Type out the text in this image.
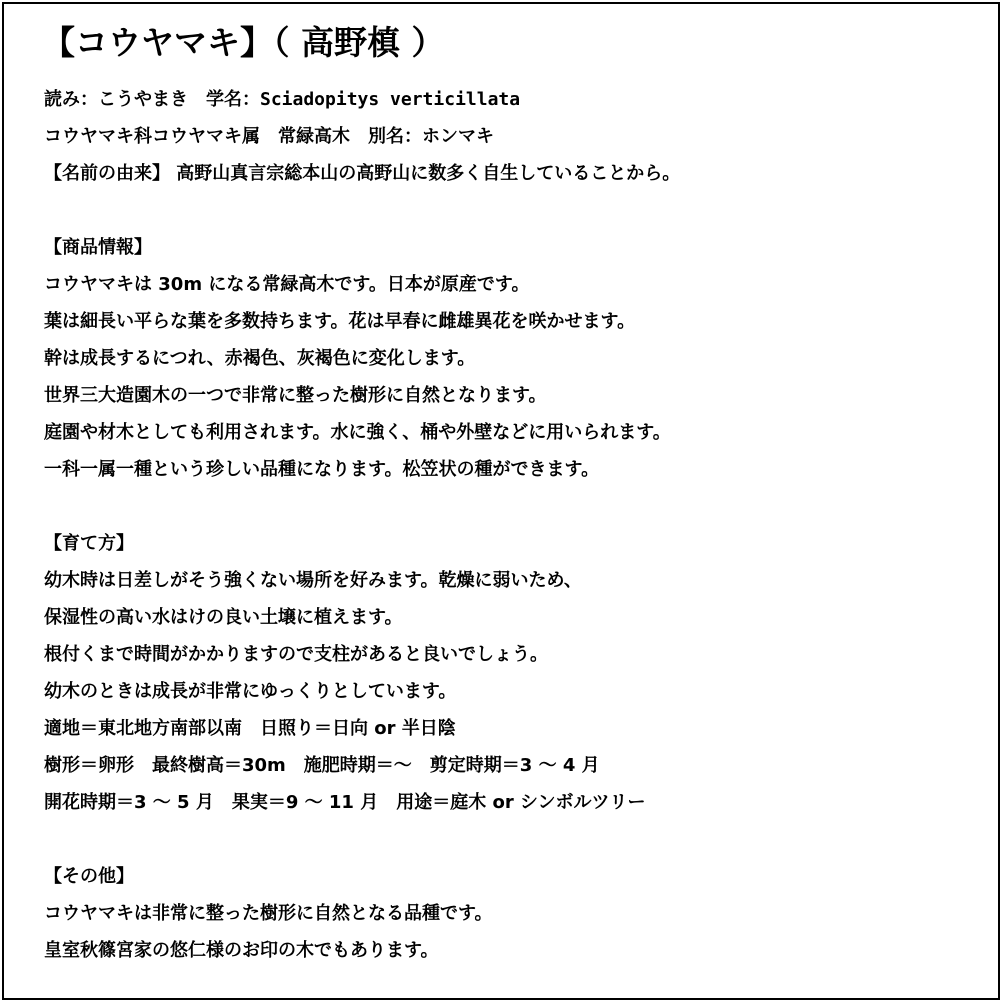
【コウヤマキ】（ 高野槙 ）
読み：こうやまき　学名：Sciadopitys verticillata
コウヤマキ科コウヤマキ属　常緑高木　別名：ホンマキ
【名前の由来】 高野山真言宗総本山の高野山に数多く自生していることから。
【商品情報】
コウヤマキは 30m になる常緑高木です。日本が原産です。
葉は細長い平らな葉を多数持ちます。花は早春に雌雄異花を咲かせます。
幹は成長するにつれ、赤褐色、灰褐色に変化します。
世界三大造園木の一つで非常に整った樹形に自然となります。
庭園や材木としても利用されます。水に強く、桶や外壁などに用いられます。
一科一属一種という珍しい品種になります。松笠状の種ができます。
【育て方】
幼木時は日差しがそう強くない場所を好みます。乾燥に弱いため、
保湿性の高い水はけの良い土壌に植えます。
根付くまで時間がかかりますので支柱があると良いでしょう。
幼木のときは成長が非常にゆっくりとしています。
適地＝東北地方南部以南　日照り＝日向 or 半日陰
樹形＝卵形　最終樹高＝30m　施肥時期＝～　剪定時期＝3 ～ 4 月
開花時期＝3 ～ 5 月　果実＝9 ～ 11 月　用途＝庭木 or シンボルツリー
【その他】
コウヤマキは非常に整った樹形に自然となる品種です。
皇室秋篠宮家の悠仁様のお印の木でもあります。
